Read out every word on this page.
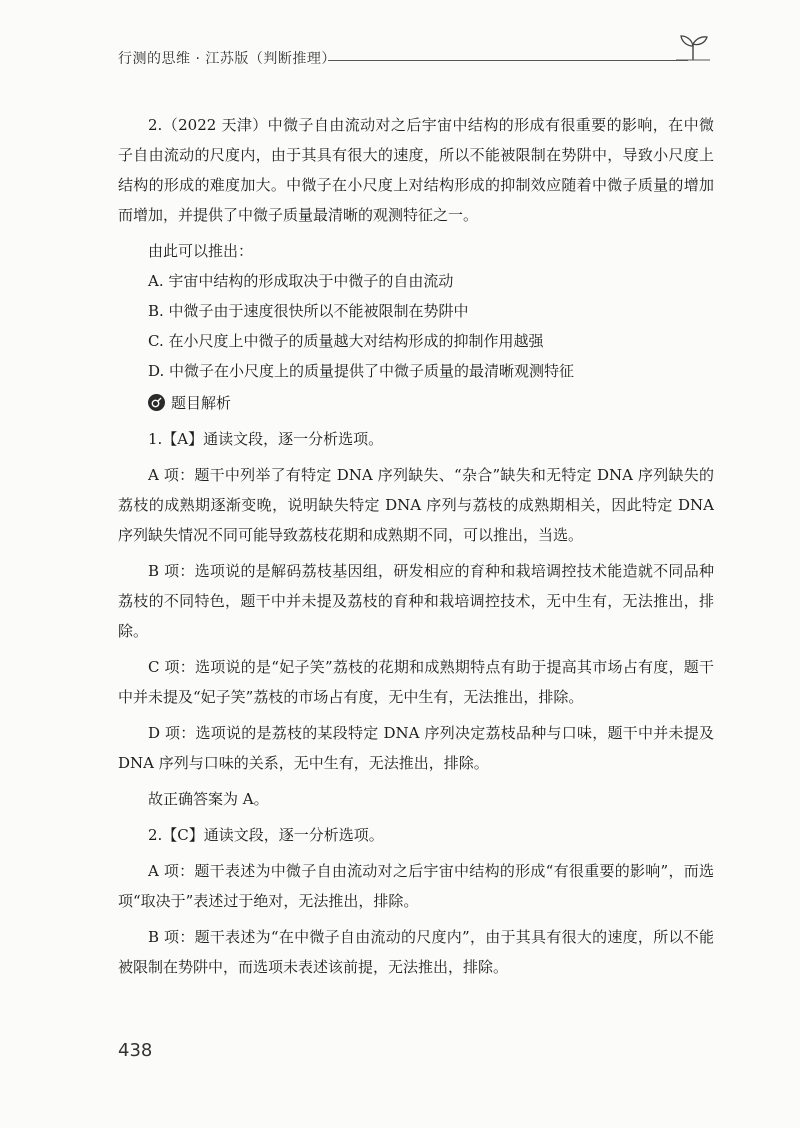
行测的思维 · 江苏版（判断推理）

2.（2022 天津）中微子自由流动对之后宇宙中结构的形成有很重要的影响，在中微子自由流动的尺度内，由于其具有很大的速度，所以不能被限制在势阱中，导致小尺度上结构的形成的难度加大。中微子在小尺度上对结构形成的抑制效应随着中微子质量的增加而增加，并提供了中微子质量最清晰的观测特征之一。

由此可以推出：

A. 宇宙中结构的形成取决于中微子的自由流动

B. 中微子由于速度很快所以不能被限制在势阱中

C. 在小尺度上中微子的质量越大对结构形成的抑制作用越强

D. 中微子在小尺度上的质量提供了中微子质量的最清晰观测特征

题目解析

1.【A】通读文段，逐一分析选项。

A 项：题干中列举了有特定 DNA 序列缺失、“杂合”缺失和无特定 DNA 序列缺失的荔枝的成熟期逐渐变晚，说明缺失特定 DNA 序列与荔枝的成熟期相关，因此特定 DNA 序列缺失情况不同可能导致荔枝花期和成熟期不同，可以推出，当选。

B 项：选项说的是解码荔枝基因组，研发相应的育种和栽培调控技术能造就不同品种荔枝的不同特色，题干中并未提及荔枝的育种和栽培调控技术，无中生有，无法推出，排除。

C 项：选项说的是“妃子笑”荔枝的花期和成熟期特点有助于提高其市场占有度，题干中并未提及“妃子笑”荔枝的市场占有度，无中生有，无法推出，排除。

D 项：选项说的是荔枝的某段特定 DNA 序列决定荔枝品种与口味，题干中并未提及 DNA 序列与口味的关系，无中生有，无法推出，排除。

故正确答案为 A。

2.【C】通读文段，逐一分析选项。

A 项：题干表述为中微子自由流动对之后宇宙中结构的形成“有很重要的影响”，而选项“取决于”表述过于绝对，无法推出，排除。

B 项：题干表述为“在中微子自由流动的尺度内”，由于其具有很大的速度，所以不能被限制在势阱中，而选项未表述该前提，无法推出，排除。

438
